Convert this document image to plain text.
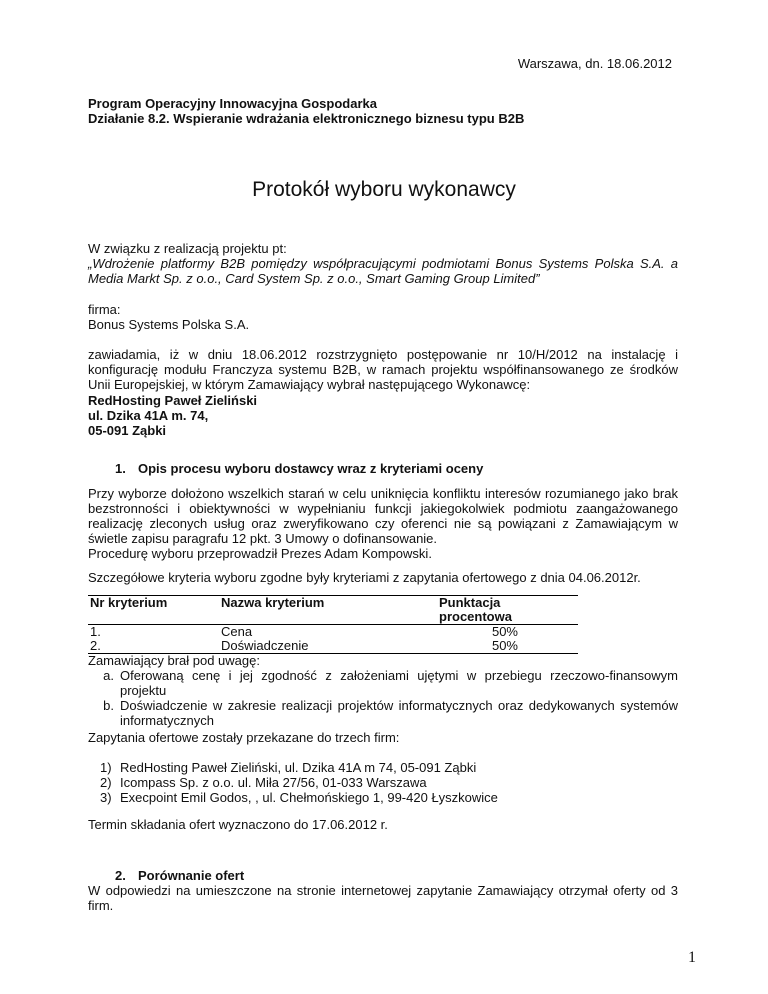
Warszawa, dn. 18.06.2012
Program Operacyjny Innowacyjna Gospodarka
Działanie 8.2. Wspieranie wdrażania elektronicznego biznesu typu B2B
Protokół wyboru wykonawcy
W związku z realizacją projektu pt:
„Wdrożenie platformy B2B pomiędzy współpracującymi podmiotami Bonus Systems Polska S.A. a
Media Markt Sp. z o.o., Card System Sp. z o.o., Smart Gaming Group Limited”
firma:
Bonus Systems Polska S.A.
zawiadamia, iż w dniu 18.06.2012 rozstrzygnięto postępowanie nr 10/H/2012 na instalację i
konfigurację modułu Franczyza systemu B2B, w ramach projektu współfinansowanego ze środków
Unii Europejskiej, w którym Zamawiający wybrał następującego Wykonawcę:
RedHosting Paweł Zieliński
ul. Dzika 41A m. 74,
05-091 Ząbki
1. Opis procesu wyboru dostawcy wraz z kryteriami oceny
Przy wyborze dołożono wszelkich starań w celu uniknięcia konfliktu interesów rozumianego jako brak bezstronności i obiektywności w wypełnianiu funkcji jakiegokolwiek podmiotu zaangażowanego realizację zleconych usług oraz zweryfikowano czy oferenci nie są powiązani z Zamawiającym w świetle zapisu paragrafu 12 pkt. 3 Umowy o dofinansowanie.
Procedurę wyboru przeprowadził Prezes Adam Kompowski.
Szczegółowe kryteria wyboru zgodne były kryteriami z zapytania ofertowego z dnia 04.06.2012r.
Nr kryterium	Nazwa kryterium	Punktacja procentowa
1.	Cena	50%
2.	Doświadczenie	50%
Zamawiający brał pod uwagę:
a. Oferowaną cenę i jej zgodność z założeniami ujętymi w przebiegu rzeczowo-finansowym projektu
b. Doświadczenie w zakresie realizacji projektów informatycznych oraz dedykowanych systemów informatycznych
Zapytania ofertowe zostały przekazane do trzech firm:
1) RedHosting Paweł Zieliński, ul. Dzika 41A m 74, 05-091 Ząbki
2) Icompass Sp. z o.o. ul. Miła 27/56, 01-033 Warszawa
3) Execpoint Emil Godos, , ul. Chełmońskiego 1, 99-420 Łyszkowice
Termin składania ofert wyznaczono do 17.06.2012 r.
2. Porównanie ofert
W odpowiedzi na umieszczone na stronie internetowej zapytanie Zamawiający otrzymał oferty od 3 firm.
1
